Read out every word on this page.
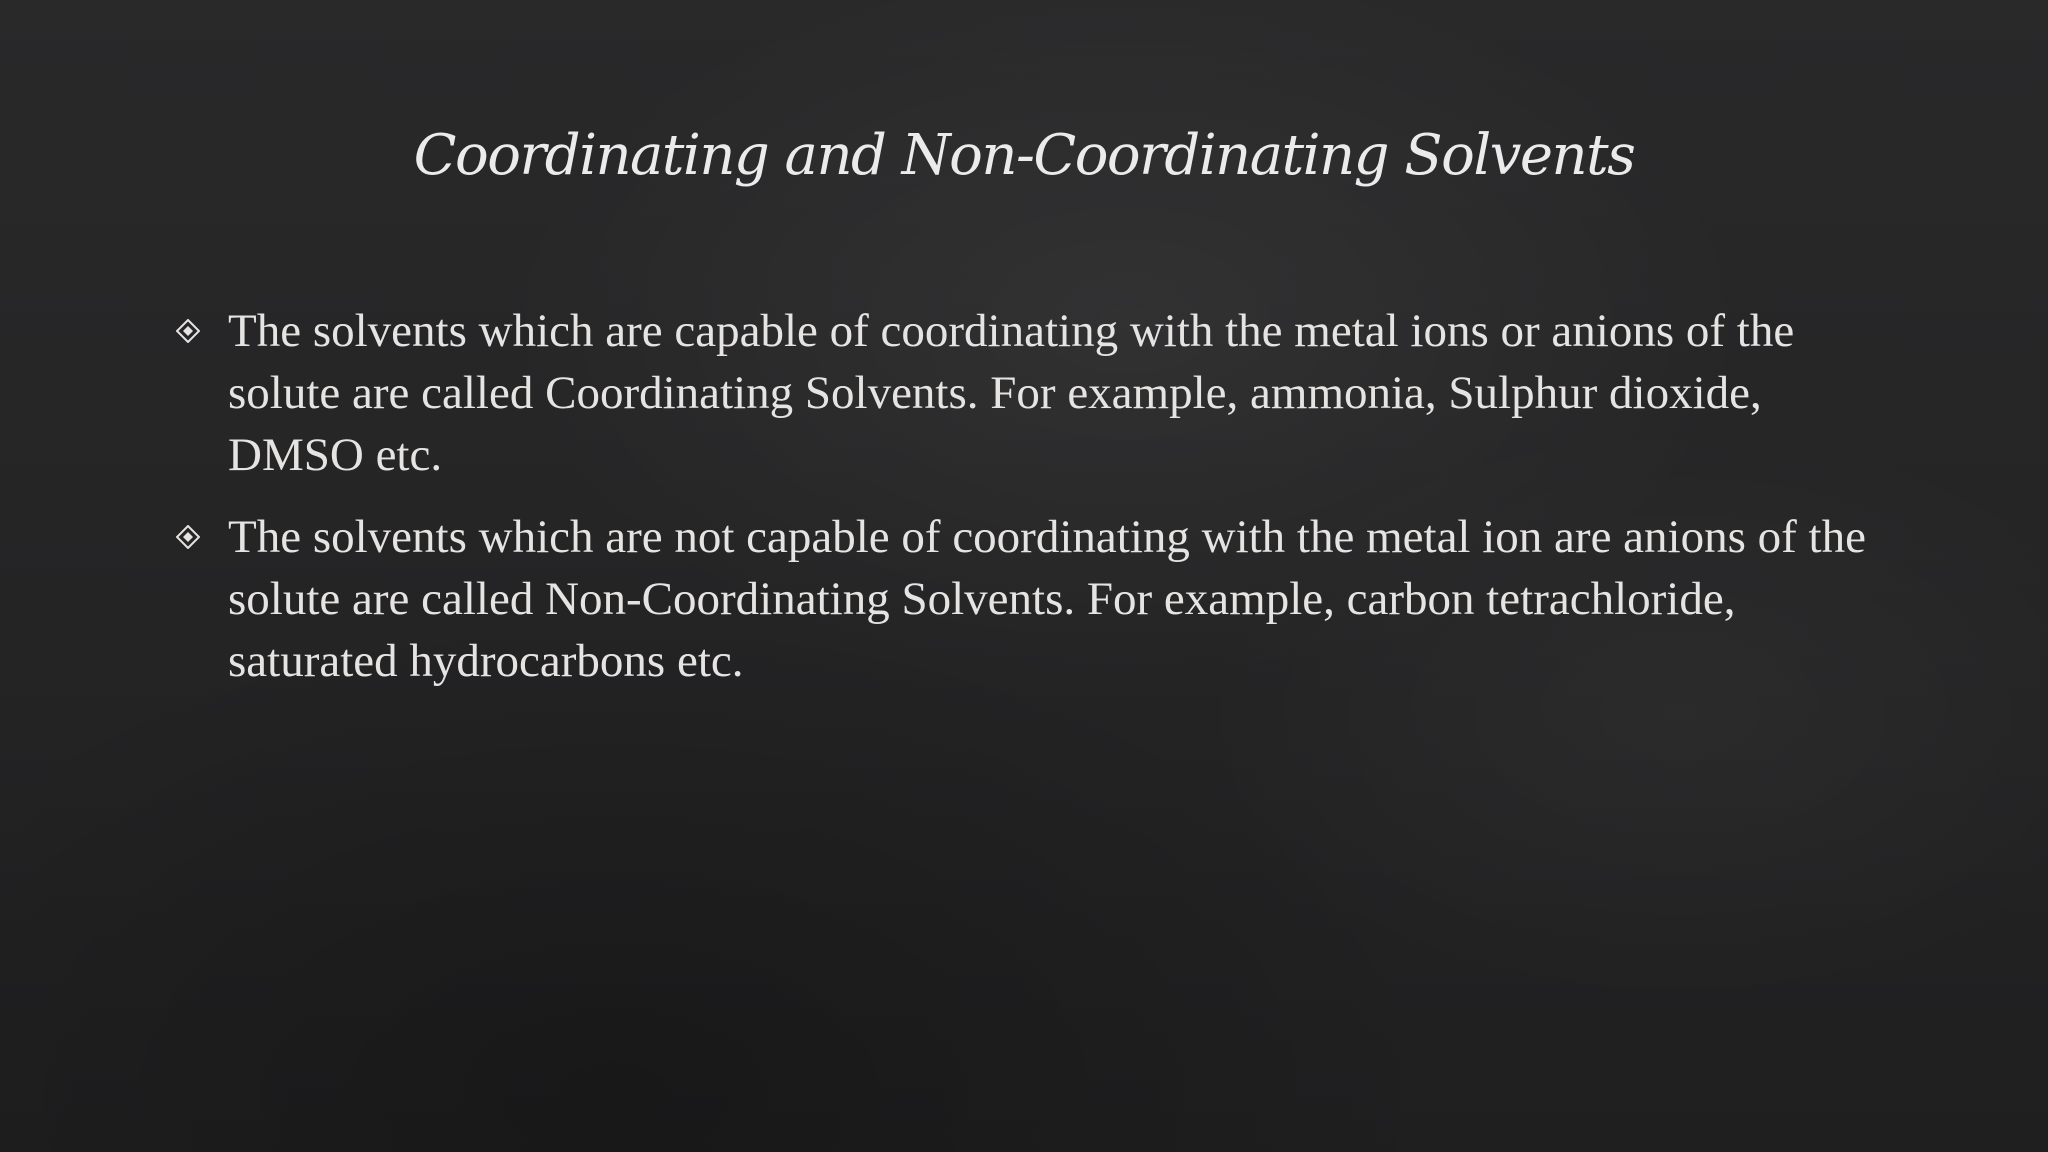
Coordinating and Non-Coordinating Solvents
The solvents which are capable of coordinating with the metal ions or anions of the solute are called Coordinating Solvents. For example, ammonia, Sulphur dioxide, DMSO etc.
The solvents which are not capable of coordinating with the metal ion are anions of the solute are called Non-Coordinating Solvents. For example, carbon tetrachloride, saturated hydrocarbons etc.
